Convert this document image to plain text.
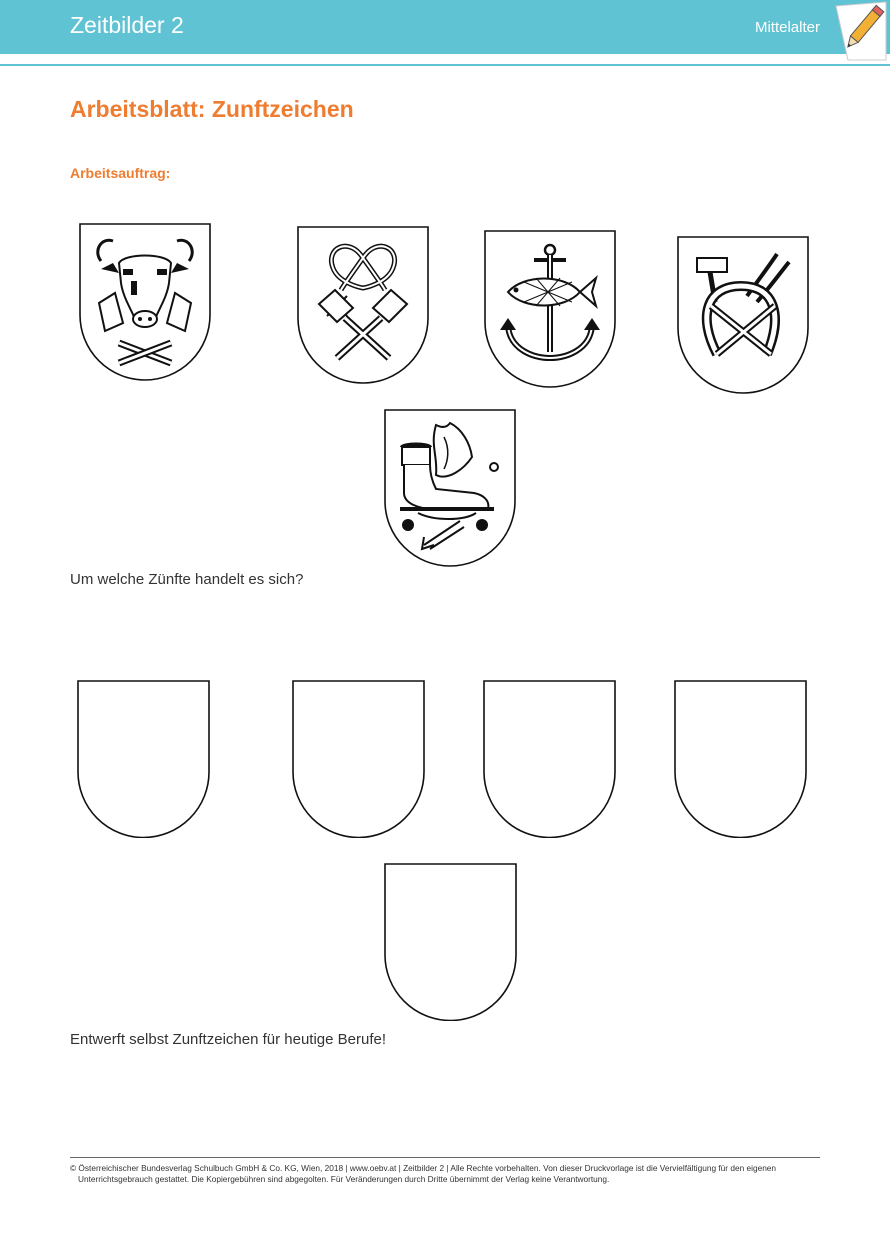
Zeitbilder 2	Mittelalter
Arbeitsblatt: Zunftzeichen
Arbeitsauftrag:
Um welche Zünfte handelt es sich?
Entwerft selbst Zunftzeichen für heutige Berufe!
© Österreichischer Bundesverlag Schulbuch GmbH & Co. KG, Wien, 2018 | www.oebv.at | Zeitbilder 2 | Alle Rechte vorbehalten. Von dieser Druckvorlage ist die Vervielfältigung für den eigenen
Unterrichtsgebrauch gestattet. Die Kopiergebühren sind abgegolten. Für Veränderungen durch Dritte übernimmt der Verlag keine Verantwortung.
